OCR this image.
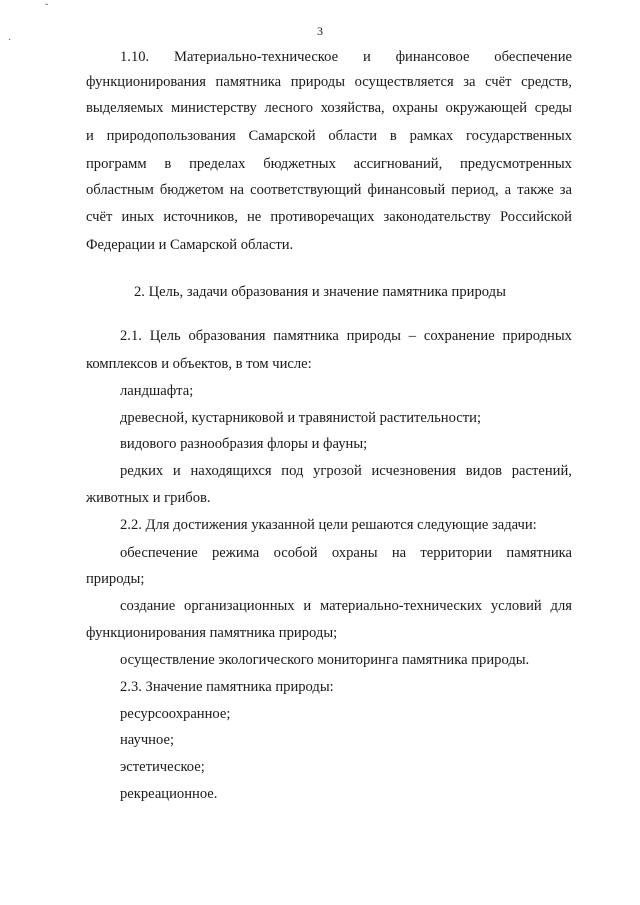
ˇ
·
3
1.10. Материально-техническое и финансовое обеспечение
функционирования памятника природы осуществляется за счёт средств,
выделяемых министерству лесного хозяйства, охраны окружающей среды
и природопользования Самарской области в рамках государственных
программ в пределах бюджетных ассигнований, предусмотренных
областным бюджетом на соответствующий финансовый период, а также за
счёт иных источников, не противоречащих законодательству Российской
Федерации и Самарской области.
2. Цель, задачи образования и значение памятника природы
2.1. Цель образования памятника природы – сохранение природных
комплексов и объектов, в том числе:
ландшафта;
древесной, кустарниковой и травянистой растительности;
видового разнообразия флоры и фауны;
редких и находящихся под угрозой исчезновения видов растений,
животных и грибов.
2.2. Для достижения указанной цели решаются следующие задачи:
обеспечение режима особой охраны на территории памятника
природы;
создание организационных и материально-технических условий для
функционирования памятника природы;
осуществление экологического мониторинга памятника природы.
2.3. Значение памятника природы:
ресурсоохранное;
научное;
эстетическое;
рекреационное.
